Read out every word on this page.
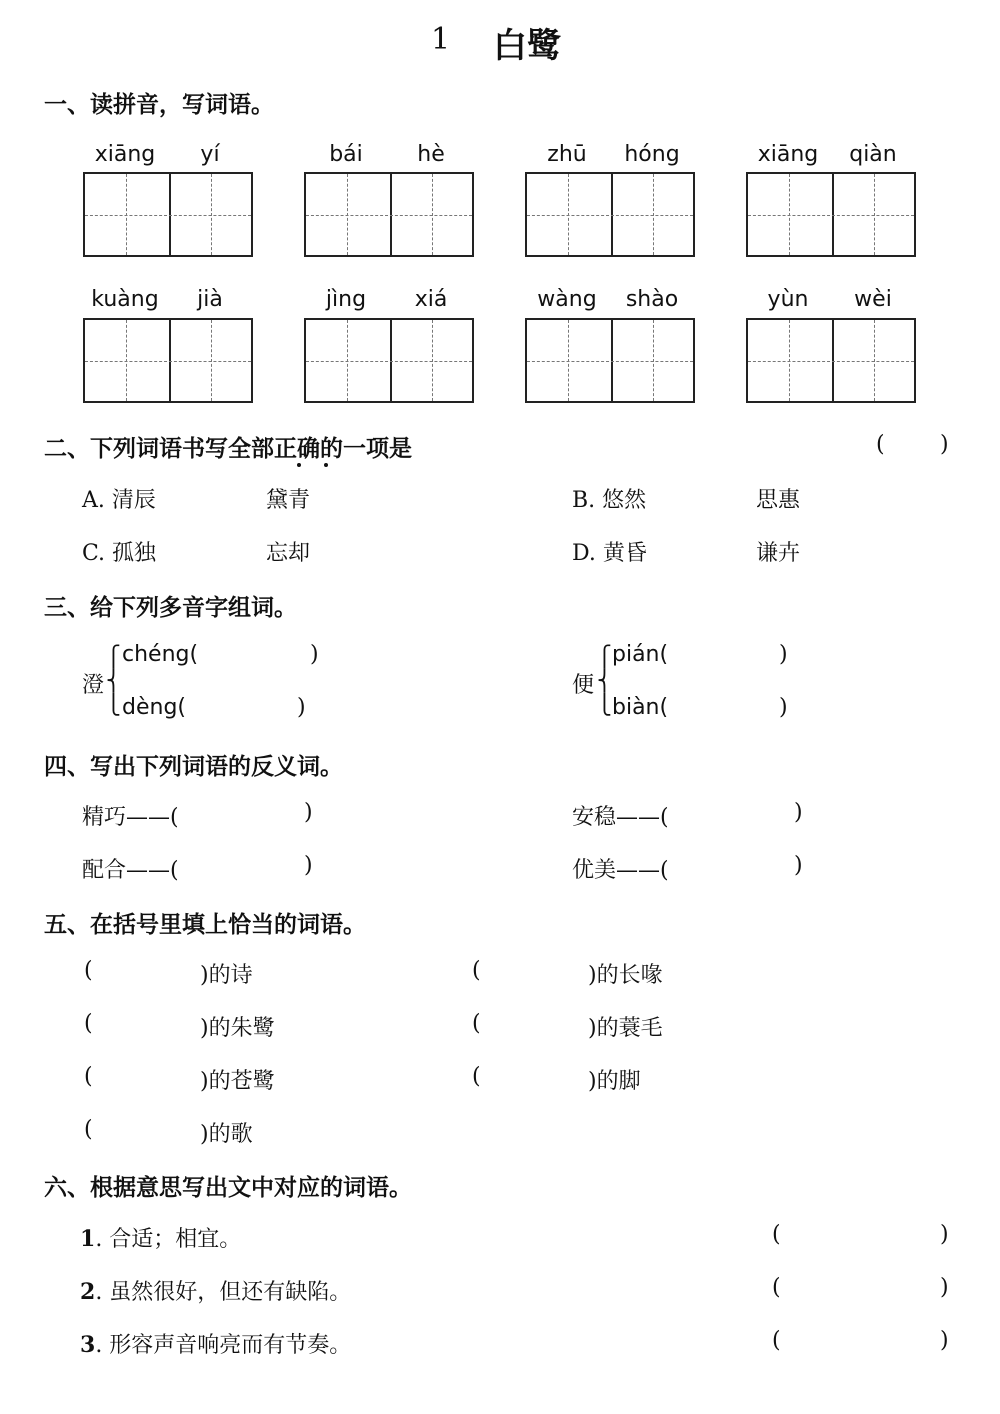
1 白鹭
一、读拼音，写词语。
xiāng	yí	bái	hè	zhū	hóng	xiāng	qiàn
kuàng	jià	jìng	xiá	wàng	shào	yùn	wèi
二、下列词语书写全部正确的一项是	(	)
A. 清辰	黛青	B. 悠然	思惠
C. 孤独	忘却	D. 黄昏	谦卉
三、给下列多音字组词。
澄
⎧
⎨
⎩
chéng(	)
dèng(	)
便
⎧
⎨
⎩
pián(	)
biàn(	)
四、写出下列词语的反义词。
精巧——(	)	安稳——(	)
配合——(	)	优美——(	)
五、在括号里填上恰当的词语。
(	)的诗	(	)的长喙
(	)的朱鹭	(	)的蓑毛
(	)的苍鹭	(	)的脚
(	)的歌
六、根据意思写出文中对应的词语。
1. 合适；相宜。	(	)
2. 虽然很好，但还有缺陷。	(	)
3. 形容声音响亮而有节奏。	(	)
